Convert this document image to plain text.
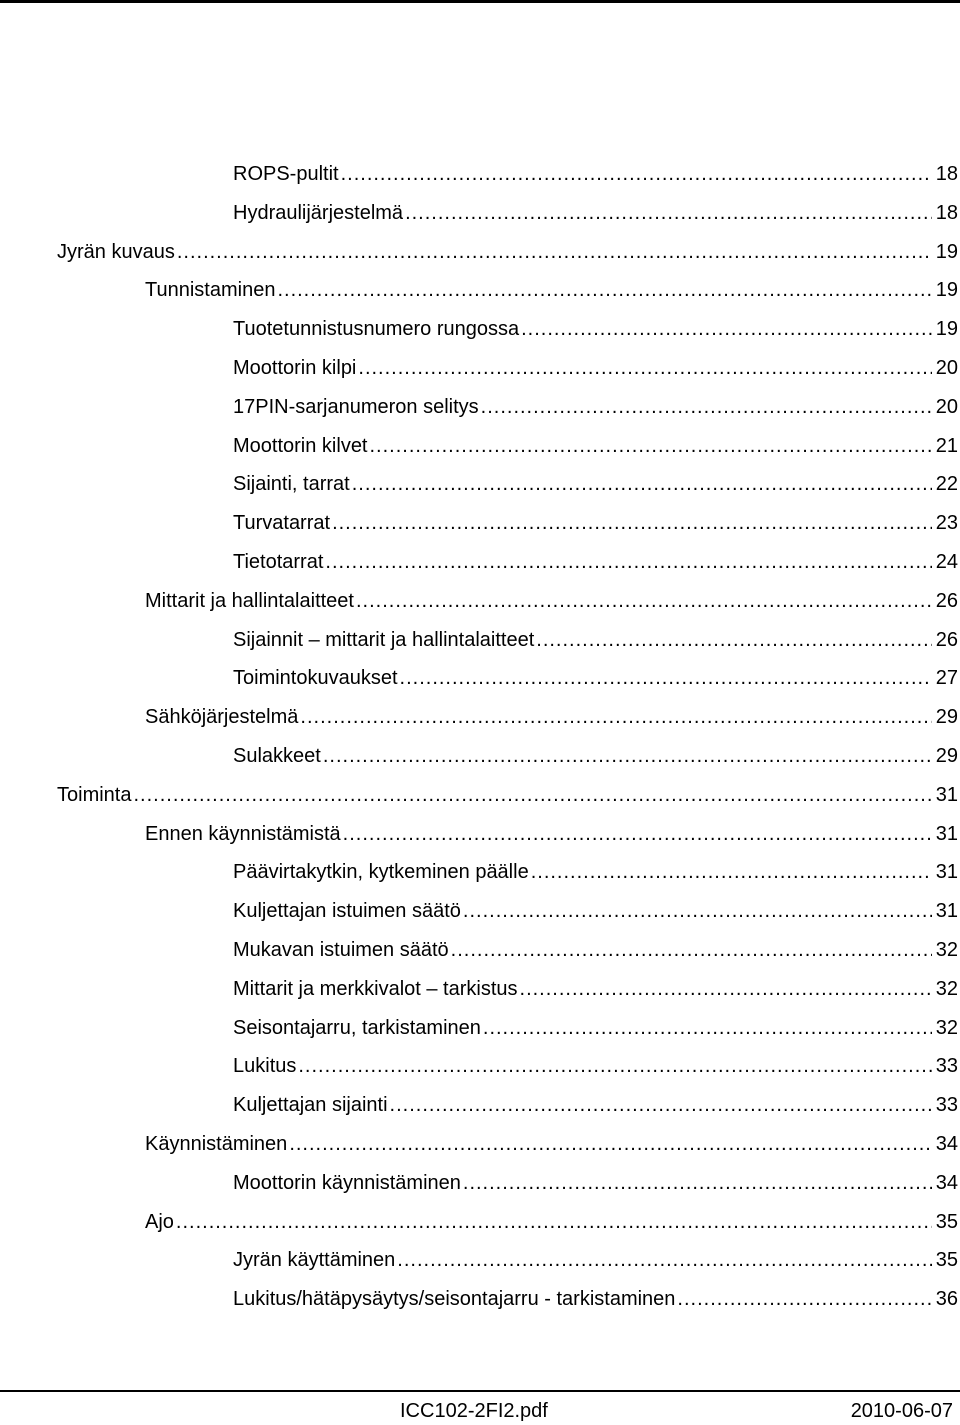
ROPS-pultit .....	18
Hydraulijärjestelmä .....	18
Jyrän kuvaus .....	19
Tunnistaminen .....	19
Tuotetunnistusnumero rungossa .....	19
Moottorin kilpi .....	20
17PIN-sarjanumeron selitys .....	20
Moottorin kilvet .....	21
Sijainti, tarrat .....	22
Turvatarrat .....	23
Tietotarrat .....	24
Mittarit ja hallintalaitteet .....	26
Sijainnit – mittarit ja hallintalaitteet .....	26
Toimintokuvaukset .....	27
Sähköjärjestelmä .....	29
Sulakkeet .....	29
Toiminta .....	31
Ennen käynnistämistä .....	31
Päävirtakytkin, kytkeminen päälle .....	31
Kuljettajan istuimen säätö .....	31
Mukavan istuimen säätö .....	32
Mittarit ja merkkivalot – tarkistus .....	32
Seisontajarru, tarkistaminen .....	32
Lukitus .....	33
Kuljettajan sijainti .....	33
Käynnistäminen .....	34
Moottorin käynnistäminen .....	34
Ajo .....	35
Jyrän käyttäminen .....	35
Lukitus/hätäpysäytys/seisontajarru - tarkistaminen .....	36
ICC102-2FI2.pdf	2010-06-07
